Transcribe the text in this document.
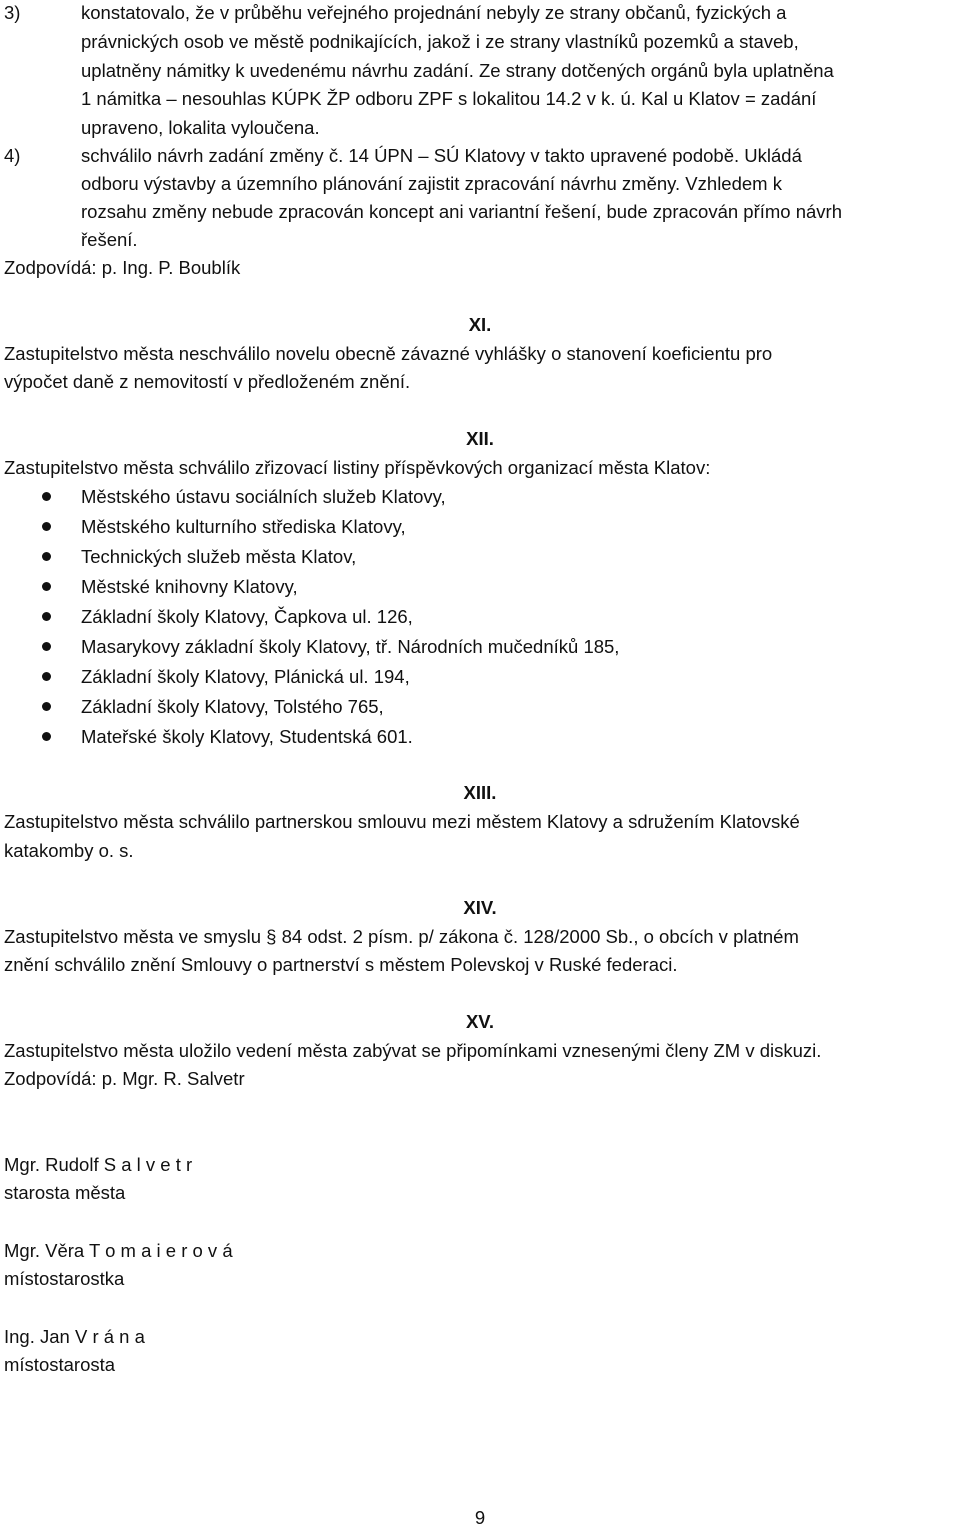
3)	konstatovalo, že v průběhu veřejného projednání nebyly ze strany občanů, fyzických a
právnických osob ve městě podnikajících, jakož i ze strany vlastníků pozemků a staveb,
uplatněny námitky k uvedenému návrhu zadání. Ze strany dotčených orgánů byla uplatněna
1 námitka – nesouhlas KÚPK ŽP odboru ZPF s lokalitou 14.2 v k. ú. Kal u Klatov = zadání
upraveno, lokalita vyloučena.
4)	schválilo návrh zadání změny č. 14 ÚPN – SÚ Klatovy v takto upravené podobě. Ukládá
odboru výstavby a územního plánování zajistit zpracování návrhu změny. Vzhledem k
rozsahu změny nebude zpracován koncept ani variantní řešení, bude zpracován přímo návrh
řešení.
Zodpovídá: p. Ing. P. Boublík
XI.
Zastupitelstvo města neschválilo novelu obecně závazné vyhlášky o stanovení koeficientu pro
výpočet daně z nemovitostí v předloženém znění.
XII.
Zastupitelstvo města schválilo zřizovací listiny příspěvkových organizací města Klatov:
Městského ústavu sociálních služeb Klatovy,
Městského kulturního střediska Klatovy,
Technických služeb města Klatov,
Městské knihovny Klatovy,
Základní školy Klatovy, Čapkova ul. 126,
Masarykovy základní školy Klatovy, tř. Národních mučedníků 185,
Základní školy Klatovy, Plánická ul. 194,
Základní školy Klatovy, Tolstého 765,
Mateřské školy Klatovy, Studentská 601.
XIII.
Zastupitelstvo města schválilo partnerskou smlouvu mezi městem Klatovy a sdružením Klatovské
katakomby o. s.
XIV.
Zastupitelstvo města ve smyslu § 84 odst. 2 písm. p/ zákona č. 128/2000 Sb., o obcích v platném
znění schválilo znění Smlouvy o partnerství s městem Polevskoj v Ruské federaci.
XV.
Zastupitelstvo města uložilo vedení města zabývat se připomínkami vznesenými členy ZM v diskuzi.
Zodpovídá: p. Mgr. R. Salvetr
Mgr. Rudolf S a l v e t r
starosta města
Mgr. Věra T o m a i e r o v á
místostarostka
Ing. Jan V r á n a
místostarosta
9
